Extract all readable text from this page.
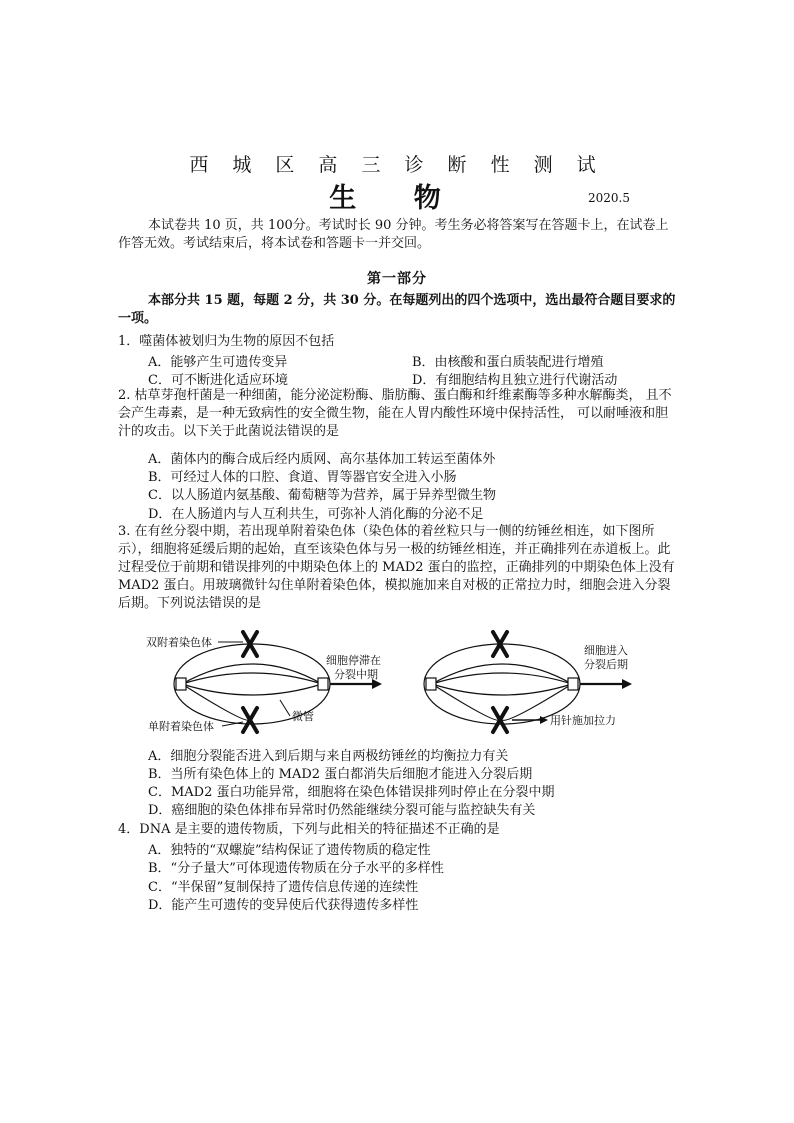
西 城 区 高 三 诊 断 性 测 试
生 物	2020.5
本试卷共 10 页，共 100分。考试时长 90 分钟。考生务必将答案写在答题卡上，在试卷上作答无效。考试结束后，将本试卷和答题卡一并交回。
第一部分
本部分共 15 题，每题 2 分，共 30 分。在每题列出的四个选项中，选出最符合题目要求的一项。
1．噬菌体被划归为生物的原因不包括
A．能够产生可遗传变异	B．由核酸和蛋白质装配进行增殖
C．可不断进化适应环境	D．有细胞结构且独立进行代谢活动
2. 枯草芽孢杆菌是一种细菌，能分泌淀粉酶、脂肪酶、蛋白酶和纤维素酶等多种水解酶类， 且不会产生毒素，是一种无致病性的安全微生物，能在人胃内酸性环境中保持活性， 可以耐唾液和胆汁的攻击。以下关于此菌说法错误的是
A．菌体内的酶合成后经内质网、高尔基体加工转运至菌体外
B．可经过人体的口腔、食道、胃等器官安全进入小肠
C．以人肠道内氨基酸、葡萄糖等为营养，属于异养型微生物
D．在人肠道内与人互利共生，可弥补人消化酶的分泌不足
3. 在有丝分裂中期，若出现单附着染色体（染色体的着丝粒只与一侧的纺锤丝相连，如下图所示），细胞将延缓后期的起始，直至该染色体与另一极的纺锤丝相连，并正确排列在赤道板上。此过程受位于前期和错误排列的中期染色体上的 MAD2 蛋白的监控，正确排列的中期染色体上没有 MAD2 蛋白。用玻璃微针勾住单附着染色体，模拟施加来自对极的正常拉力时，细胞会进入分裂后期。下列说法错误的是
双附着染色体
单附着染色体
微管
细胞停滞在
分裂中期
用针施加拉力
细胞进入
分裂后期
A．细胞分裂能否进入到后期与来自两极纺锤丝的均衡拉力有关
B．当所有染色体上的 MAD2 蛋白都消失后细胞才能进入分裂后期
C．MAD2 蛋白功能异常，细胞将在染色体错误排列时停止在分裂中期
D．癌细胞的染色体排布异常时仍然能继续分裂可能与监控缺失有关
4．DNA 是主要的遗传物质，下列与此相关的特征描述不正确的是
A．独特的“双螺旋”结构保证了遗传物质的稳定性
B．“分子量大”可体现遗传物质在分子水平的多样性
C．“半保留”复制保持了遗传信息传递的连续性
D．能产生可遗传的变异使后代获得遗传多样性
